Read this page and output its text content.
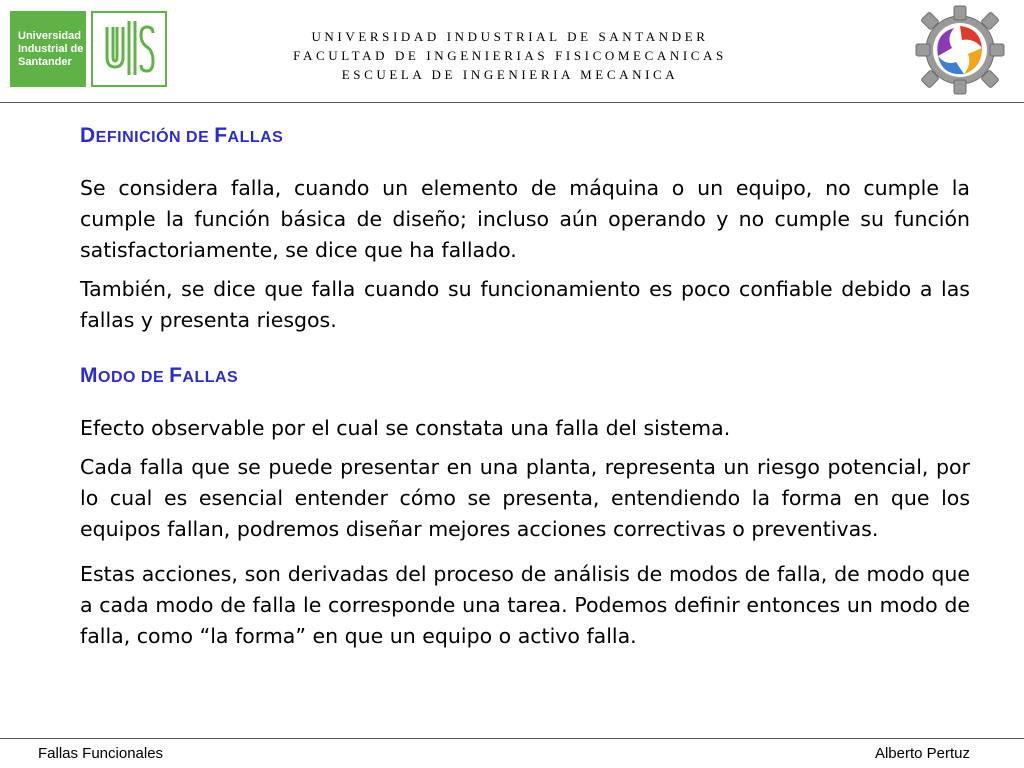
Universidad
Industrial de
Santander
UNIVERSIDAD INDUSTRIAL DE SANTANDER
FACULTAD DE INGENIERIAS FISICOMECANICAS
ESCUELA DE INGENIERIA MECANICA
DEFINICIÓN DE FALLAS

Se considera falla, cuando un elemento de máquina o un equipo, no cumple la cumple la función básica de diseño; incluso aún operando y no cumple su función satisfactoriamente, se dice que ha fallado.

También, se dice que falla cuando su funcionamiento es poco confiable debido a las fallas y presenta riesgos.

MODO DE FALLAS

Efecto observable por el cual se constata una falla del sistema.

Cada falla que se puede presentar en una planta, representa un riesgo potencial, por lo cual es esencial entender cómo se presenta, entendiendo la forma en que los equipos fallan, podremos diseñar mejores acciones correctivas o preventivas.

Estas acciones, son derivadas del proceso de análisis de modos de falla, de modo que a cada modo de falla le corresponde una tarea. Podemos definir entonces un modo de falla, como “la forma” en que un equipo o activo falla.

Fallas Funcionales	Alberto Pertuz
